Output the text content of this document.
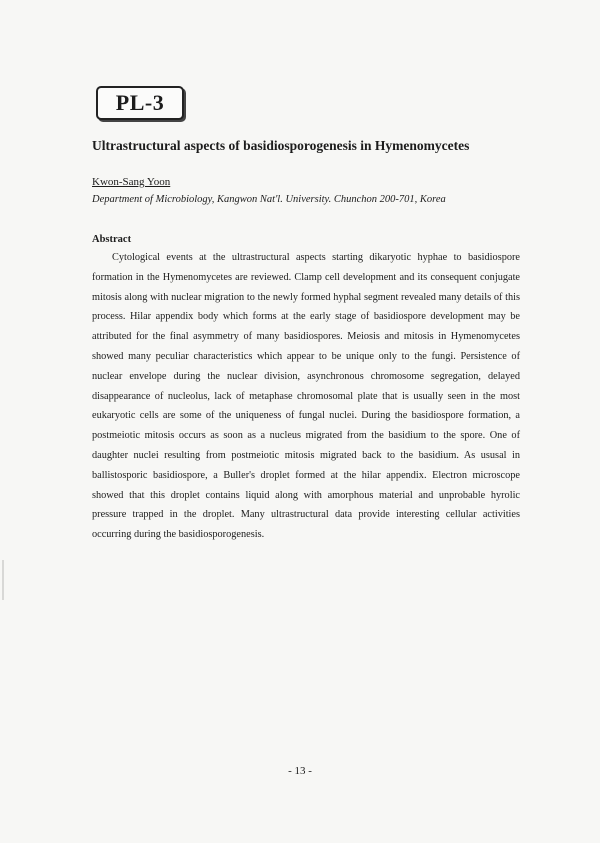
PL-3
Ultrastructural aspects of basidiosporogenesis in Hymenomycetes
Kwon-Sang Yoon
Department of Microbiology, Kangwon Nat'l. University. Chunchon 200-701, Korea
Abstract

Cytological events at the ultrastructural aspects starting dikaryotic hyphae to basidiospore formation in the Hymenomycetes are reviewed. Clamp cell development and its consequent conjugate mitosis along with nuclear migration to the newly formed hyphal segment revealed many details of this process. Hilar appendix body which forms at the early stage of basidiospore development may be attributed for the final asymmetry of many basidiospores. Meiosis and mitosis in Hymenomycetes showed many peculiar characteristics which appear to be unique only to the fungi. Persistence of nuclear envelope during the nuclear division, asynchronous chromosome segregation, delayed disappearance of nucleolus, lack of metaphase chromosomal plate that is usually seen in the most eukaryotic cells are some of the uniqueness of fungal nuclei. During the basidiospore formation, a postmeiotic mitosis occurs as soon as a nucleus migrated from the basidium to the spore. One of daughter nuclei resulting from postmeiotic mitosis migrated back to the basidium. As ususal in ballistosporic basidiospore, a Buller's droplet formed at the hilar appendix. Electron microscope showed that this droplet contains liquid along with amorphous material and unprobable hyrolic pressure trapped in the droplet. Many ultrastructural data provide interesting cellular activities occurring during the basidiosporogenesis.

- 13 -
